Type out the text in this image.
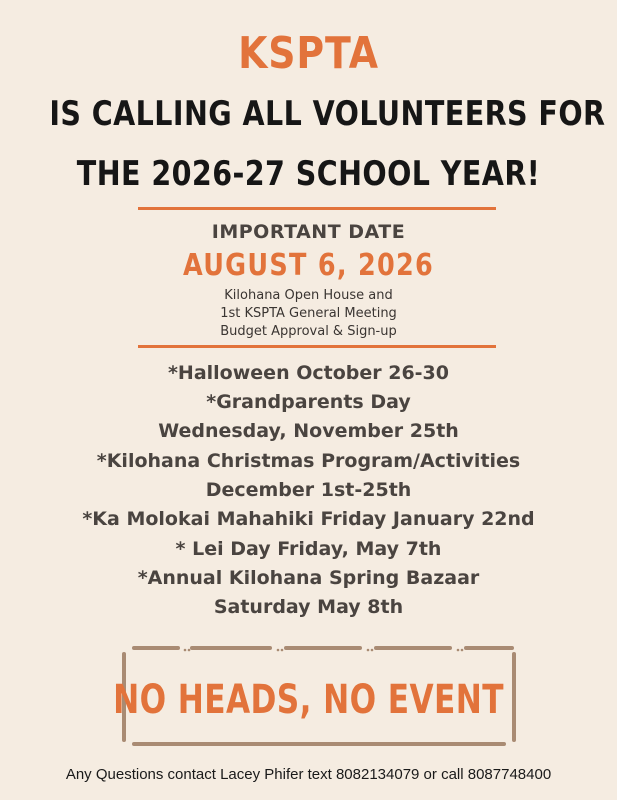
KSPTA
IS CALLING ALL VOLUNTEERS FOR
THE 2026-27 SCHOOL YEAR!
IMPORTANT DATE
AUGUST 6, 2026
Kilohana Open House and
1st KSPTA General Meeting
Budget Approval & Sign-up
*Halloween October 26-30
*Grandparents Day
Wednesday, November 25th
*Kilohana Christmas Program/Activities
December 1st-25th
*Ka Molokai Mahahiki Friday January 22nd
* Lei Day Friday, May 7th
*Annual Kilohana Spring Bazaar
Saturday May 8th
NO HEADS, NO EVENT
Any Questions contact Lacey Phifer text 8082134079 or call 8087748400
